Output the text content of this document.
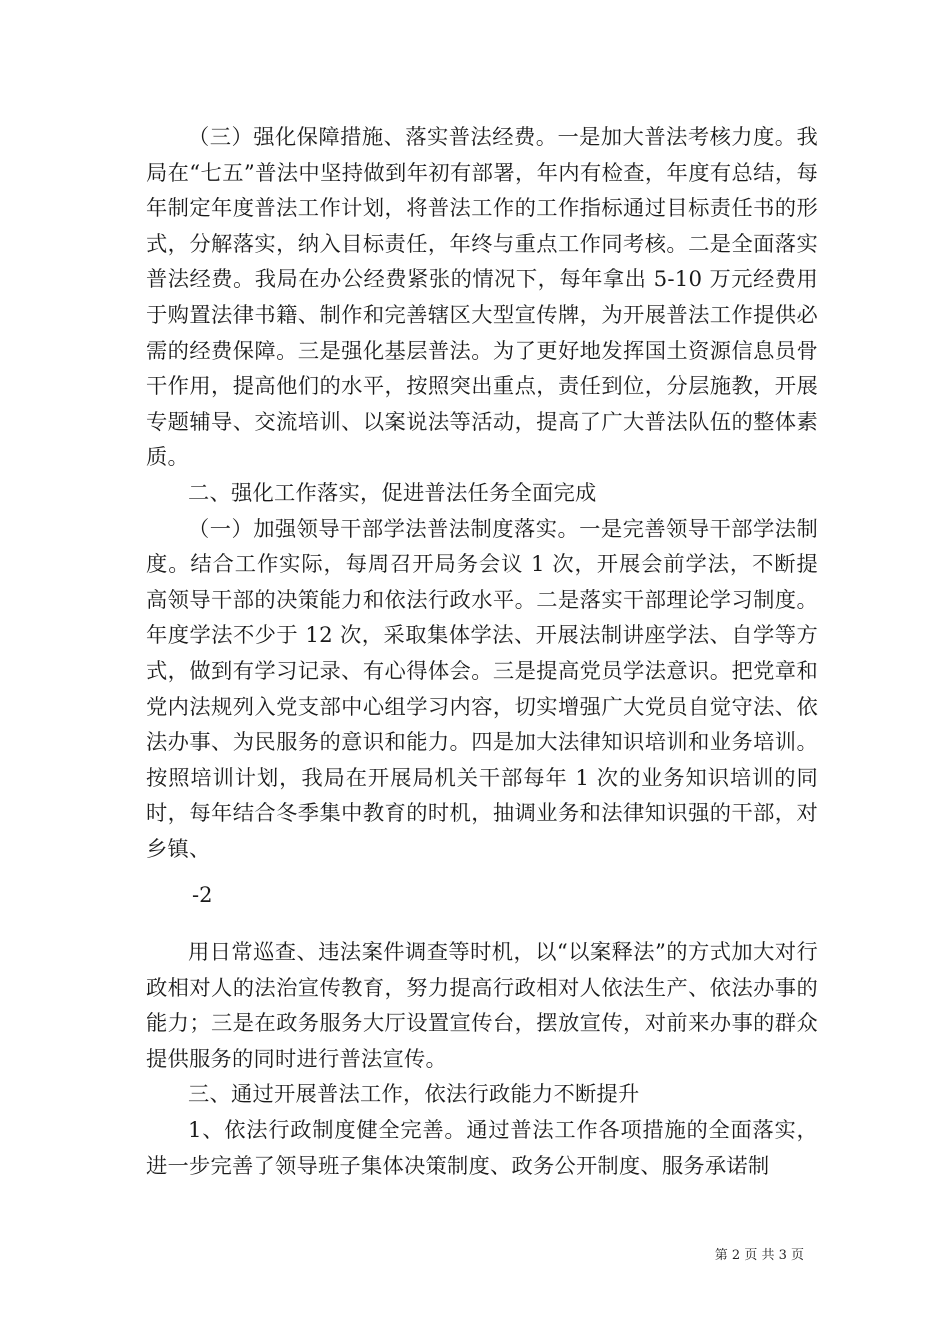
（三）强化保障措施、落实普法经费。一是加大普法考核力度。我局在“七五”普法中坚持做到年初有部署，年内有检查，年度有总结，每年制定年度普法工作计划，将普法工作的工作指标通过目标责任书的形式，分解落实，纳入目标责任，年终与重点工作同考核。二是全面落实普法经费。我局在办公经费紧张的情况下，每年拿出 5-10 万元经费用于购置法律书籍、制作和完善辖区大型宣传牌，为开展普法工作提供必需的经费保障。三是强化基层普法。为了更好地发挥国土资源信息员骨干作用，提高他们的水平，按照突出重点，责任到位，分层施教，开展专题辅导、交流培训、以案说法等活动，提高了广大普法队伍的整体素质。

二、强化工作落实，促进普法任务全面完成

（一）加强领导干部学法普法制度落实。一是完善领导干部学法制度。结合工作实际，每周召开局务会议 1 次，开展会前学法，不断提高领导干部的决策能力和依法行政水平。二是落实干部理论学习制度。年度学法不少于 12 次，采取集体学法、开展法制讲座学法、自学等方式，做到有学习记录、有心得体会。三是提高党员学法意识。把党章和党内法规列入党支部中心组学习内容，切实增强广大党员自觉守法、依法办事、为民服务的意识和能力。四是加大法律知识培训和业务培训。按照培训计划，我局在开展局机关干部每年 1 次的业务知识培训的同时，每年结合冬季集中教育的时机，抽调业务和法律知识强的干部，对乡镇、

-2

用日常巡查、违法案件调查等时机，以“以案释法”的方式加大对行政相对人的法治宣传教育，努力提高行政相对人依法生产、依法办事的能力；三是在政务服务大厅设置宣传台，摆放宣传，对前来办事的群众提供服务的同时进行普法宣传。

三、通过开展普法工作，依法行政能力不断提升

1、依法行政制度健全完善。通过普法工作各项措施的全面落实，进一步完善了领导班子集体决策制度、政务公开制度、服务承诺制

第 2 页 共 3 页
